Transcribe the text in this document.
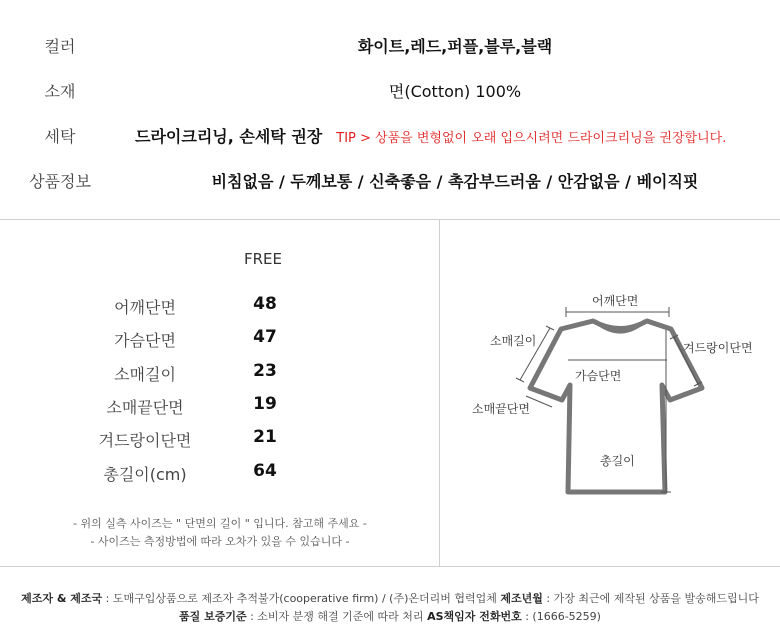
컬러	화이트,레드,퍼플,블루,블랙
소재	면(Cotton) 100%
세탁	드라이크리닝, 손세탁 권장 TIP > 상품을 변형없이 오래 입으시려면 드라이크리닝을 권장합니다.
상품정보	비침없음 / 두께보통 / 신축좋음 / 촉감부드러움 / 안감없음 / 베이직핏
FREE
어깨단면	48
가슴단면	47
소매길이	23
소매끝단면	19
겨드랑이단면	21
총길이(cm)	64
- 위의 실측 사이즈는 " 단면의 길이 " 입니다. 참고해 주세요 -
- 사이즈는 측정방법에 따라 오차가 있을 수 있습니다 -
어깨단면
소매길이	겨드랑이단면
가슴단면
소매끝단면
총길이
제조자 & 제조국 : 도매구입상품으로 제조자 추적불가(cooperative firm) / (주)온더리버 협력업체 제조년월 : 가장 최근에 제작된 상품을 발송해드립니다
품질 보증기준 : 소비자 분쟁 해결 기준에 따라 처리 AS책임자 전화번호 : (1666-5259)
